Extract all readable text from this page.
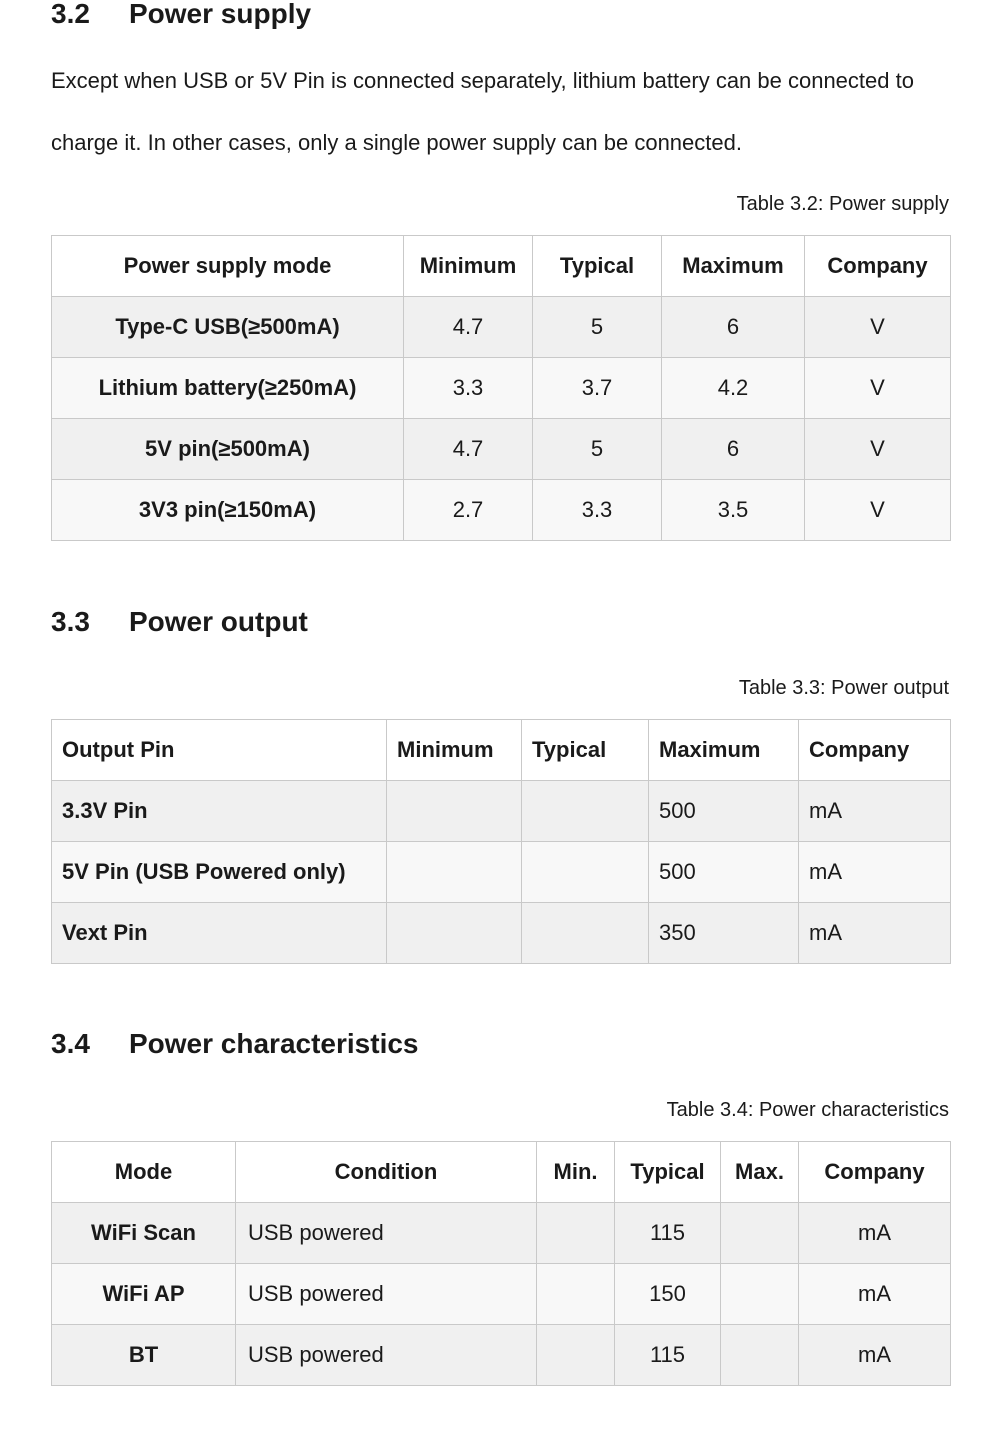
3.2 Power supply

Except when USB or 5V Pin is connected separately, lithium battery can be connected to charge it. In other cases, only a single power supply can be connected.

Table 3.2: Power supply

Power supply mode	Minimum	Typical	Maximum	Company
Type-C USB(≥500mA)	4.7	5	6	V
Lithium battery(≥250mA)	3.3	3.7	4.2	V
5V pin(≥500mA)	4.7	5	6	V
3V3 pin(≥150mA)	2.7	3.3	3.5	V
3.3 Power output

Table 3.3: Power output

Output Pin	Minimum	Typical	Maximum	Company
3.3V Pin			500	mA
5V Pin (USB Powered only)			500	mA
Vext Pin			350	mA
3.4 Power characteristics

Table 3.4: Power characteristics

Mode	Condition	Min.	Typical	Max.	Company
WiFi Scan	USB powered		115		mA
WiFi AP	USB powered		150		mA
BT	USB powered		115		mA
